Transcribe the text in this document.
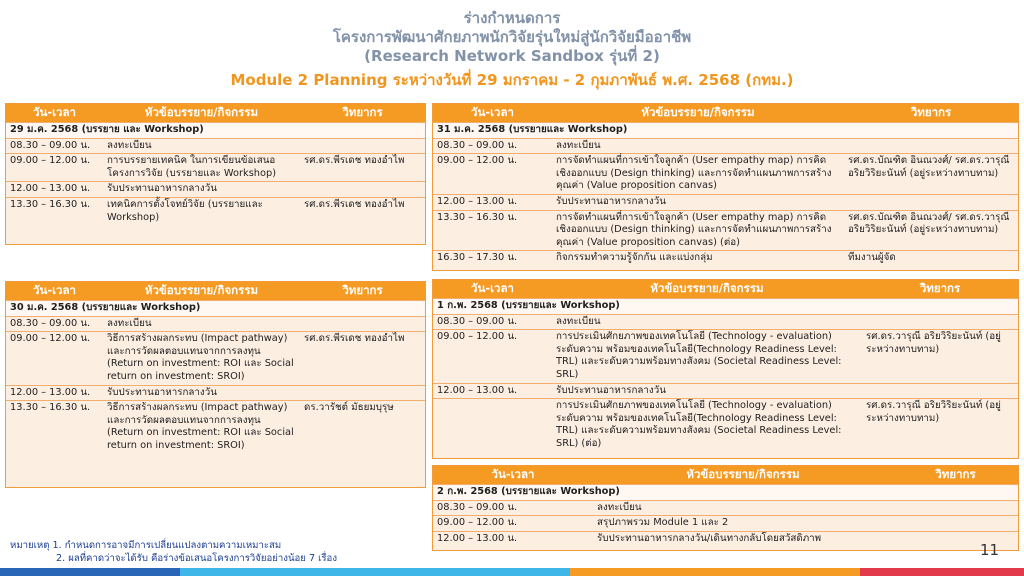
ร่างกำหนดการ
โครงการพัฒนาศักยภาพนักวิจัยรุ่นใหม่สู่นักวิจัยมืออาชีพ
(Research Network Sandbox รุ่นที่ 2)
Module 2 Planning ระหว่างวันที่ 29 มกราคม - 2 กุมภาพันธ์ พ.ศ. 2568 (กทม.)
วัน-เวลา	หัวข้อบรรยาย/กิจกรรม	วิทยากร
29 ม.ค. 2568 (บรรยาย และ Workshop)		
08.30 – 09.00 น.	ลงทะเบียน	
09.00 – 12.00 น.	การบรรยายเทคนิค ในการเขียนข้อเสนอโครงการวิจัย (บรรยายและ Workshop)	รศ.ดร.พีรเดช ทองอำไพ
12.00 – 13.00 น.	รับประทานอาหารกลางวัน	
13.30 – 16.30 น.	เทคนิคการตั้งโจทย์วิจัย (บรรยายและ Workshop)	รศ.ดร.พีรเดช ทองอำไพ
วัน-เวลา	หัวข้อบรรยาย/กิจกรรม	วิทยากร
30 ม.ค. 2568 (บรรยายและ Workshop)		
08.30 – 09.00 น.	ลงทะเบียน	
09.00 – 12.00 น.	วิธีการสร้างผลกระทบ (Impact pathway) และการวัดผลตอบแทนจากการลงทุน (Return on investment: ROI และ Social return on investment: SROI)	รศ.ดร.พีรเดช ทองอำไพ
12.00 – 13.00 น.	รับประทานอาหารกลางวัน	
13.30 – 16.30 น.	วิธีการสร้างผลกระทบ (Impact pathway) และการวัดผลตอบแทนจากการลงทุน (Return on investment: ROI และ Social return on investment: SROI)	ดร.วารัชต์ มัธยมบุรุษ
วัน-เวลา	หัวข้อบรรยาย/กิจกรรม	วิทยากร
31 ม.ค. 2568 (บรรยายและ Workshop)		
08.30 – 09.00 น.	ลงทะเบียน	
09.00 – 12.00 น.	การจัดทำแผนที่การเข้าใจลูกค้า (User empathy map) การคิดเชิงออกแบบ (Design thinking) และการจัดทำแผนภาพการสร้างคุณค่า (Value proposition canvas)	รศ.ดร.บัณฑิต อินณวงศ์/ รศ.ดร.วารุณี อริยวิริยะนันท์ (อยู่ระหว่างทาบทาม)
12.00 – 13.00 น.	รับประทานอาหารกลางวัน	
13.30 – 16.30 น.	การจัดทำแผนที่การเข้าใจลูกค้า (User empathy map) การคิดเชิงออกแบบ (Design thinking) และการจัดทำแผนภาพการสร้างคุณค่า (Value proposition canvas) (ต่อ)	รศ.ดร.บัณฑิต อินณวงศ์/ รศ.ดร.วารุณี อริยวิริยะนันท์ (อยู่ระหว่างทาบทาม)
16.30 – 17.30 น.	กิจกรรมทำความรู้จักกัน และแบ่งกลุ่ม	ทีมงานผู้จัด
วัน-เวลา	หัวข้อบรรยาย/กิจกรรม	วิทยากร
1 ก.พ. 2568 (บรรยายและ Workshop)		
08.30 – 09.00 น.	ลงทะเบียน	
09.00 – 12.00 น.	การประเมินศักยภาพของเทคโนโลยี (Technology - evaluation) ระดับความ พร้อมของเทคโนโลยี(Technology Readiness Level: TRL) และระดับความพร้อมทางสังคม (Societal Readiness Level: SRL)	รศ.ดร.วารุณี อริยวิริยะนันท์ (อยู่ระหว่างทาบทาม)
12.00 – 13.00 น.	รับประทานอาหารกลางวัน	
	การประเมินศักยภาพของเทคโนโลยี (Technology - evaluation) ระดับความ พร้อมของเทคโนโลยี(Technology Readiness Level: TRL) และระดับความพร้อมทางสังคม (Societal Readiness Level: SRL) (ต่อ)	รศ.ดร.วารุณี อริยวิริยะนันท์ (อยู่ระหว่างทาบทาม)
วัน-เวลา	หัวข้อบรรยาย/กิจกรรม	วิทยากร
2 ก.พ. 2568 (บรรยายและ Workshop)		
08.30 – 09.00 น.	ลงทะเบียน	
09.00 – 12.00 น.	สรุปภาพรวม Module 1 และ 2	
12.00 – 13.00 น.	รับประทานอาหารกลางวัน/เดินทางกลับโดยสวัสดิภาพ	
หมายเหตุ 1. กำหนดการอาจมีการเปลี่ยนแปลงตามความเหมาะสม
2. ผลที่คาดว่าจะได้รับ คือร่างข้อเสนอโครงการวิจัยอย่างน้อย 7 เรื่อง	11
